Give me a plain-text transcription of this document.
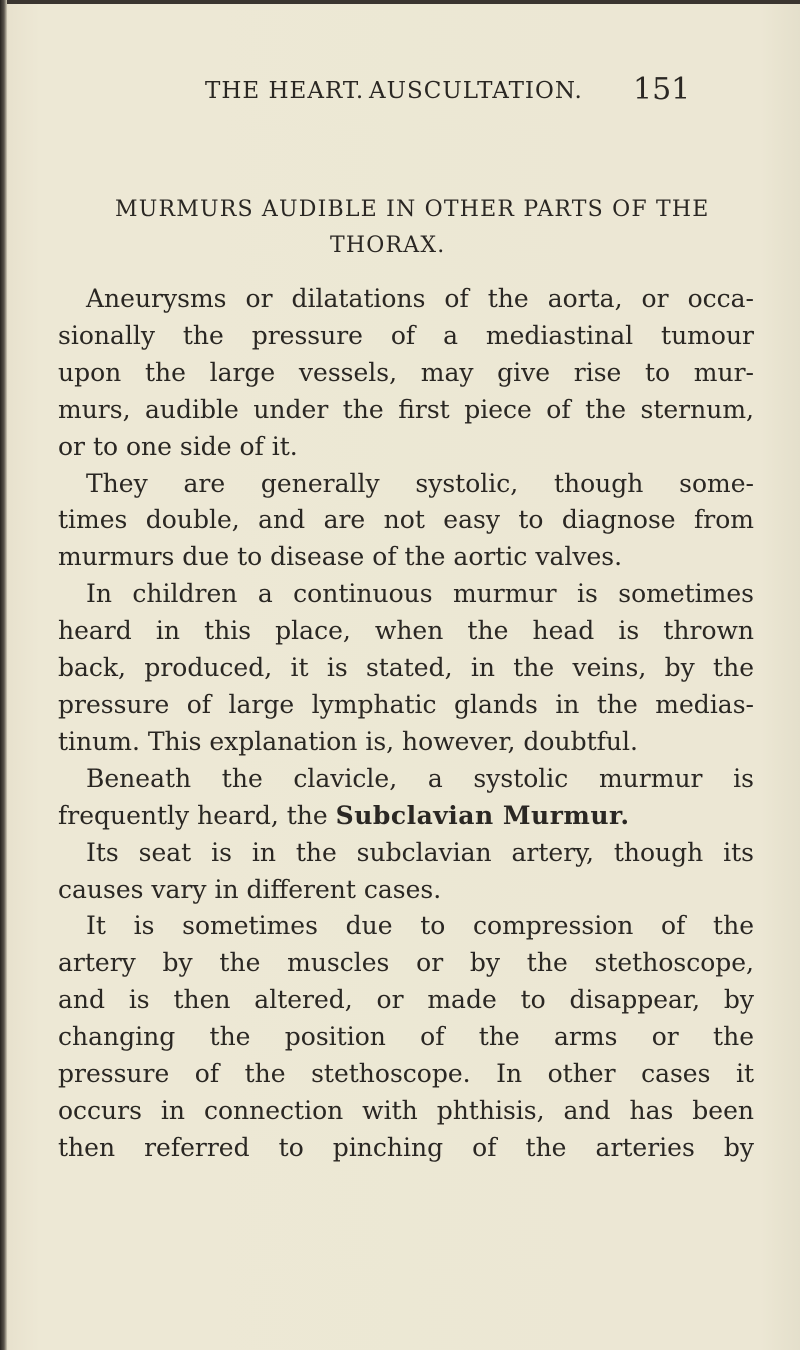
THE HEART. AUSCULTATION. 151
MURMURS AUDIBLE IN OTHER PARTS OF THE
THORAX.
Aneurysms or dilatations of the aorta, or occa-
sionally the pressure of a mediastinal tumour
upon the large vessels, may give rise to mur-
murs, audible under the first piece of the sternum,
or to one side of it.
They are generally systolic, though some-
times double, and are not easy to diagnose from
murmurs due to disease of the aortic valves.
In children a continuous murmur is sometimes
heard in this place, when the head is thrown
back, produced, it is stated, in the veins, by the
pressure of large lymphatic glands in the medias-
tinum. This explanation is, however, doubtful.
Beneath the clavicle, a systolic murmur is
frequently heard, the Subclavian Murmur.
Its seat is in the subclavian artery, though its
causes vary in different cases.
It is sometimes due to compression of the
artery by the muscles or by the stethoscope,
and is then altered, or made to disappear, by
changing the position of the arms or the
pressure of the stethoscope. In other cases it
occurs in connection with phthisis, and has been
then referred to pinching of the arteries by
